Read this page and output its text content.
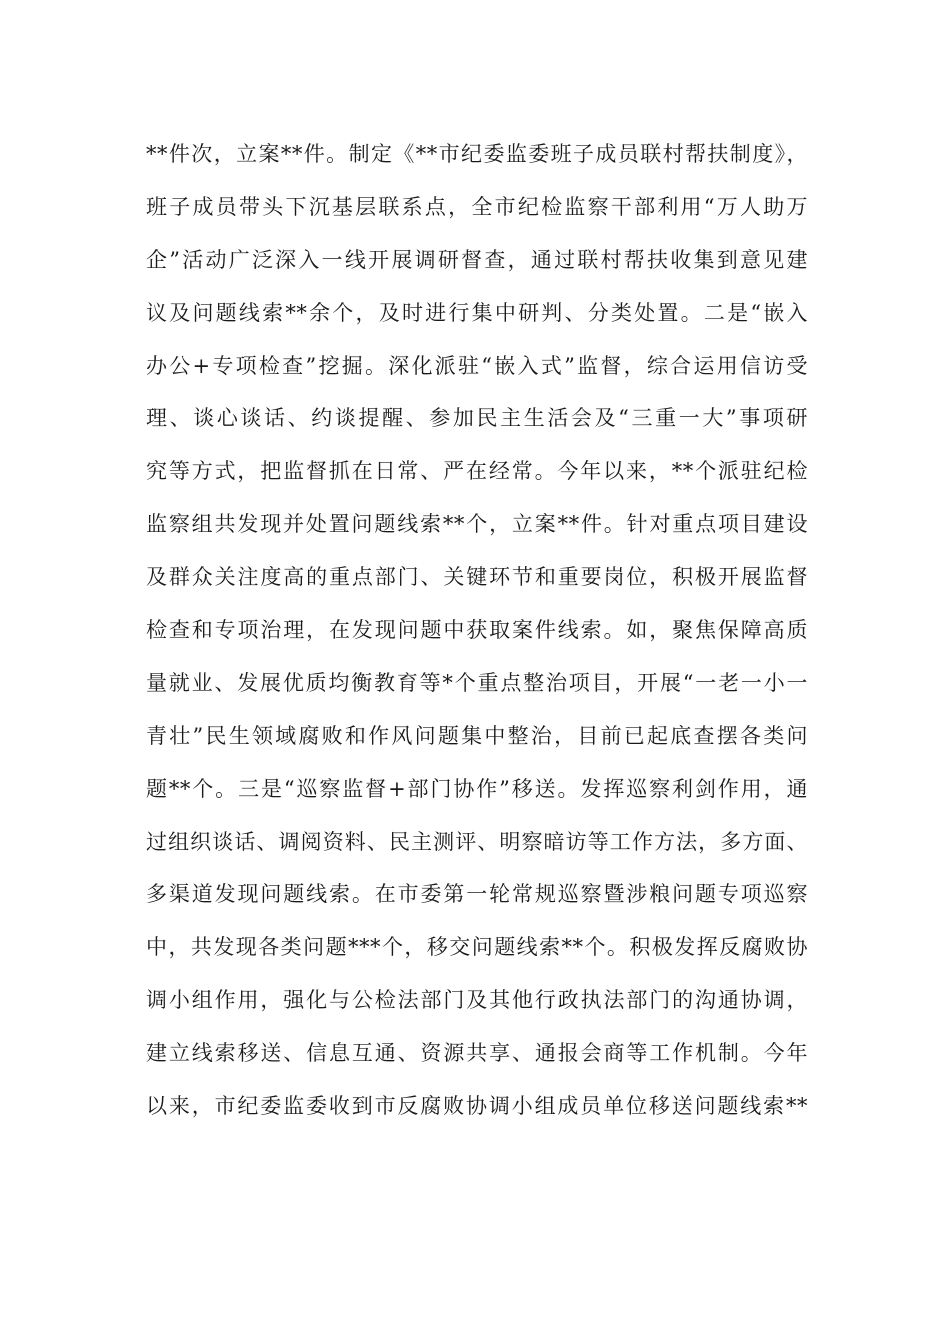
**件次，立案**件。制定《**市纪委监委班子成员联村帮扶制度》，
班子成员带头下沉基层联系点，全市纪检监察干部利用“万人助万
企”活动广泛深入一线开展调研督查，通过联村帮扶收集到意见建
议及问题线索**余个，及时进行集中研判、分类处置。二是“嵌入
办公+专项检查”挖掘。深化派驻“嵌入式”监督，综合运用信访受
理、谈心谈话、约谈提醒、参加民主生活会及“三重一大”事项研
究等方式，把监督抓在日常、严在经常。今年以来，**个派驻纪检
监察组共发现并处置问题线索**个，立案**件。针对重点项目建设
及群众关注度高的重点部门、关键环节和重要岗位，积极开展监督
检查和专项治理，在发现问题中获取案件线索。如，聚焦保障高质
量就业、发展优质均衡教育等*个重点整治项目，开展“一老一小一
青壮”民生领域腐败和作风问题集中整治，目前已起底查摆各类问
题**个。三是“巡察监督+部门协作”移送。发挥巡察利剑作用，通
过组织谈话、调阅资料、民主测评、明察暗访等工作方法，多方面、
多渠道发现问题线索。在市委第一轮常规巡察暨涉粮问题专项巡察
中，共发现各类问题***个，移交问题线索**个。积极发挥反腐败协
调小组作用，强化与公检法部门及其他行政执法部门的沟通协调，
建立线索移送、信息互通、资源共享、通报会商等工作机制。今年
以来，市纪委监委收到市反腐败协调小组成员单位移送问题线索**
